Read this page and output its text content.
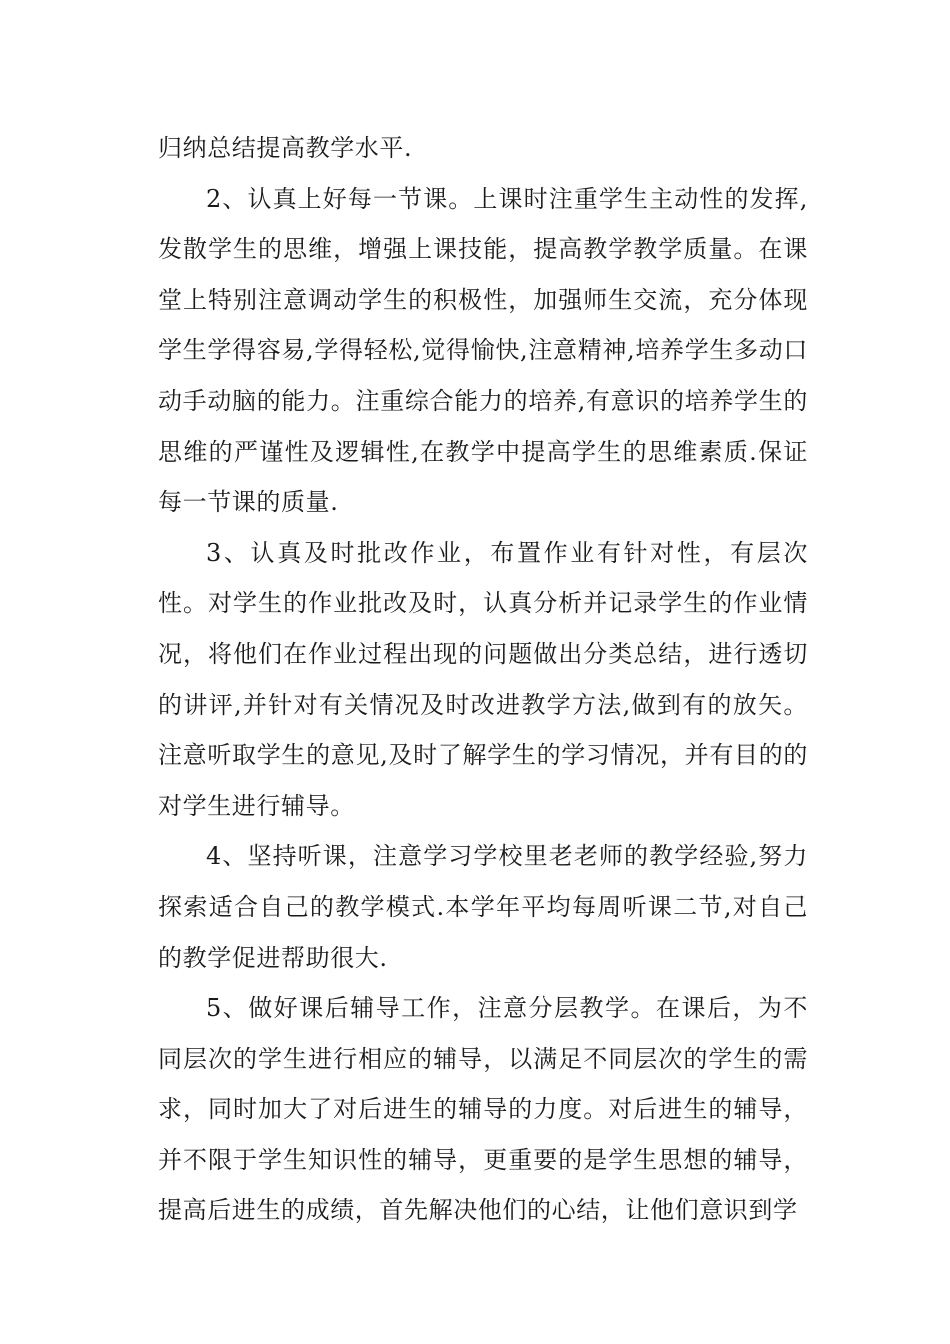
归纳总结提高教学水平.

2、认真上好每一节课。上课时注重学生主动性的发挥,发散学生的思维，增强上课技能，提高教学教学质量。在课堂上特别注意调动学生的积极性，加强师生交流，充分体现学生学得容易,学得轻松,觉得愉快,注意精神,培养学生多动口动手动脑的能力。注重综合能力的培养,有意识的培养学生的思维的严谨性及逻辑性,在教学中提高学生的思维素质.保证每一节课的质量.

3、认真及时批改作业，布置作业有针对性，有层次性。对学生的作业批改及时，认真分析并记录学生的作业情况，将他们在作业过程出现的问题做出分类总结，进行透切的讲评,并针对有关情况及时改进教学方法,做到有的放矢。注意听取学生的意见,及时了解学生的学习情况，并有目的的对学生进行辅导。

4、坚持听课，注意学习学校里老老师的教学经验,努力探索适合自己的教学模式.本学年平均每周听课二节,对自己的教学促进帮助很大.

5、做好课后辅导工作，注意分层教学。在课后，为不同层次的学生进行相应的辅导，以满足不同层次的学生的需求，同时加大了对后进生的辅导的力度。对后进生的辅导，并不限于学生知识性的辅导，更重要的是学生思想的辅导，提高后进生的成绩，首先解决他们的心结，让他们意识到学
